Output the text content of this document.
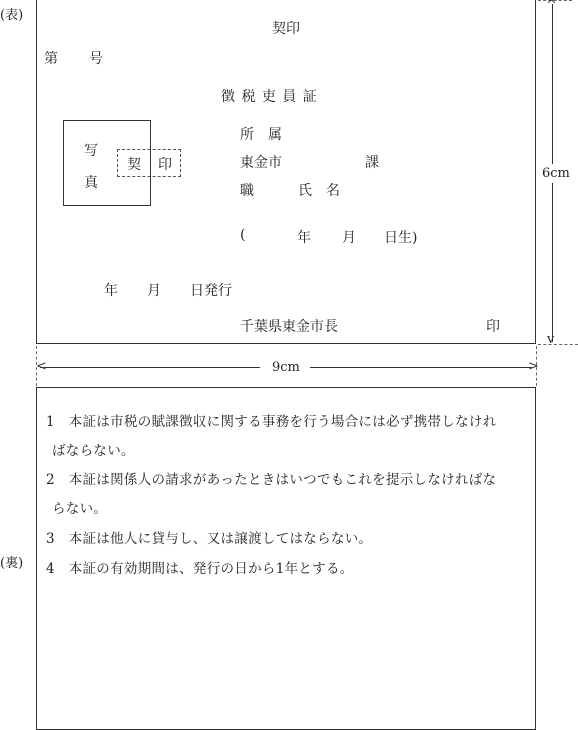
(表)
(裏)
契印
第 号
徴 税 吏 員 証
写
真
契 印
所　属
東金市	課
職	氏　名
(	年 月 日生)
年 月 日発行
千葉県東金市長	印
^
v
6cm
<	>
9cm
1　本証は市税の賦課徴収に関する事務を行う場合には必ず携帯しなけれ
ばならない。
2　本証は関係人の請求があったときはいつでもこれを提示しなければな
らない。
3　本証は他人に貸与し、又は譲渡してはならない。
4　本証の有効期間は、発行の日から1年とする。
